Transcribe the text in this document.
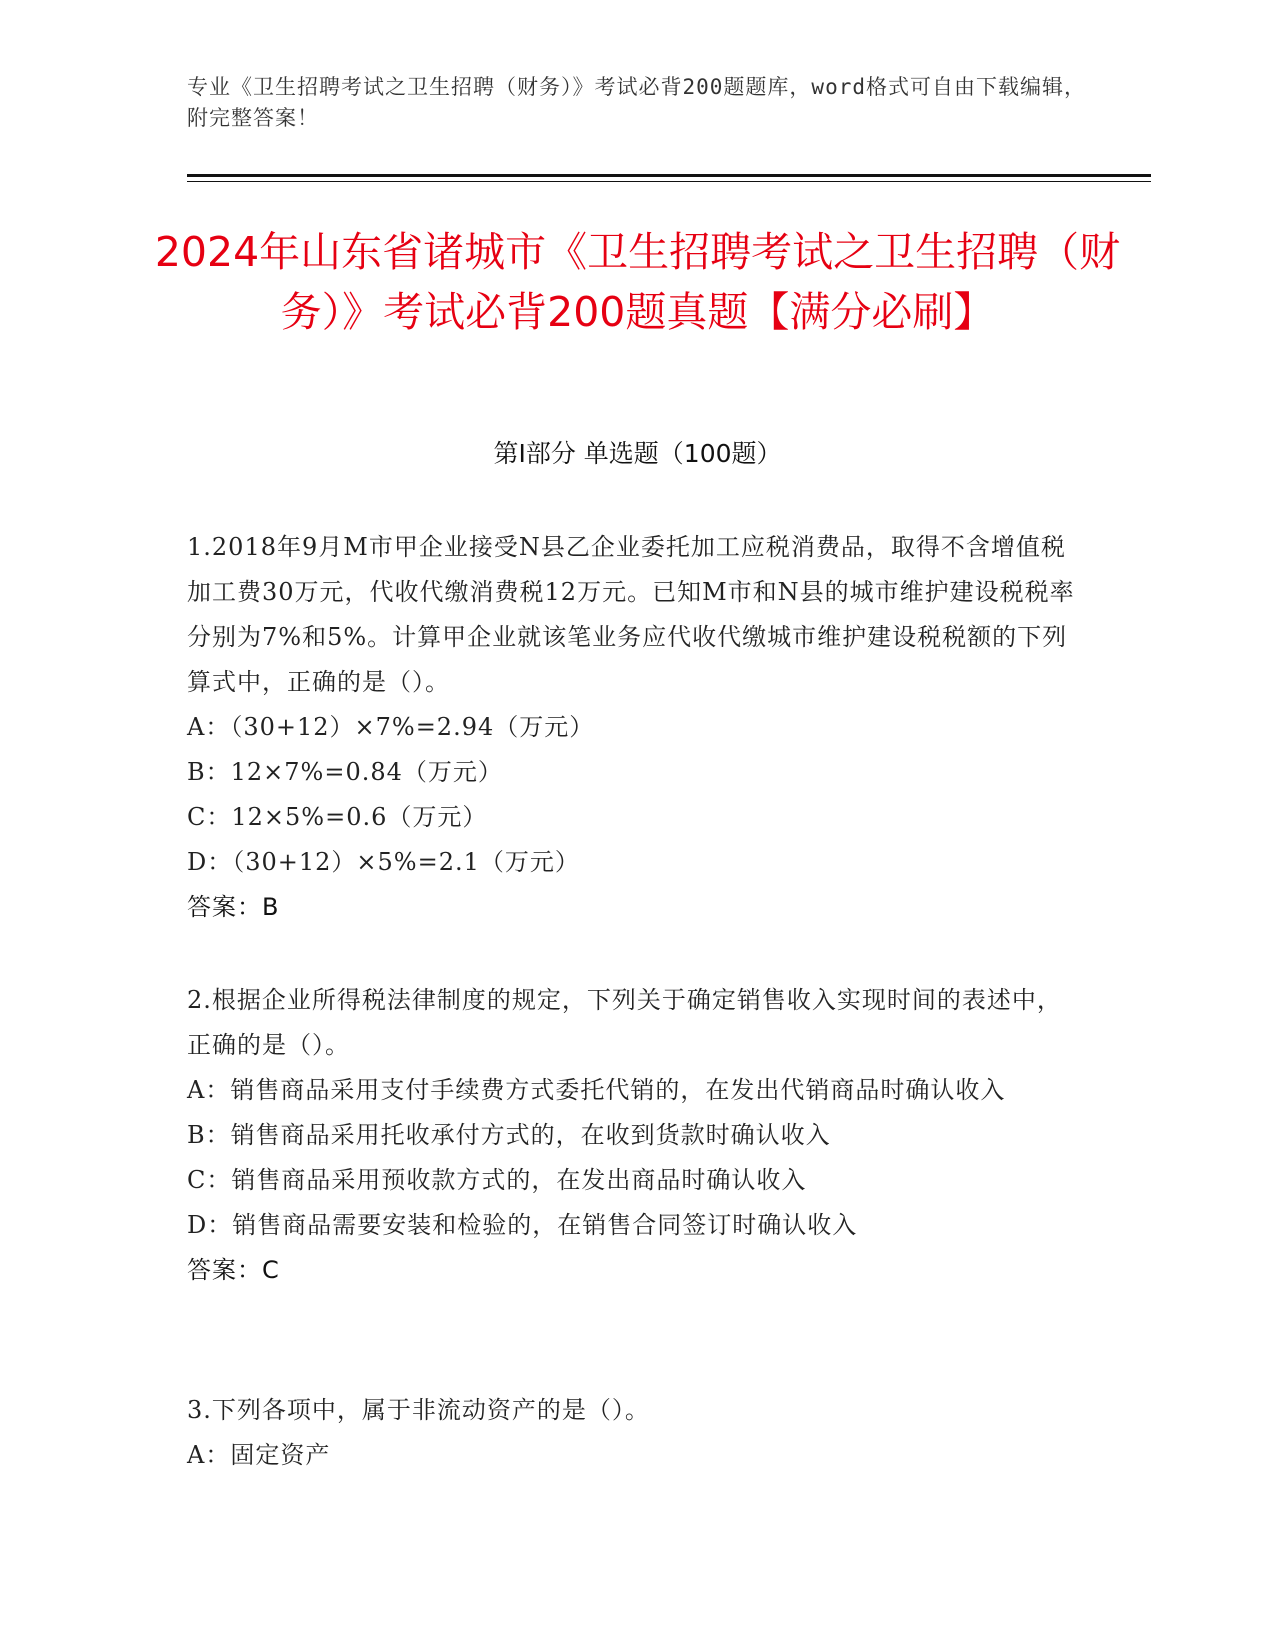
专业《卫生招聘考试之卫生招聘（财务）》考试必背200题题库，word格式可自由下载编辑，附完整答案！
2024年山东省诸城市《卫生招聘考试之卫生招聘（财务）》考试必背200题真题【满分必刷】
第I部分 单选题（100题）

1.2018年9月M市甲企业接受N县乙企业委托加工应税消费品，取得不含增值税加工费30万元，代收代缴消费税12万元。已知M市和N县的城市维护建设税税率分别为7%和5%。计算甲企业就该笔业务应代收代缴城市维护建设税税额的下列算式中，正确的是（）。

A：（30+12）×7%=2.94（万元）

B：12×7%=0.84（万元）

C：12×5%=0.6（万元）

D：（30+12）×5%=2.1（万元）

答案：B

2.根据企业所得税法律制度的规定，下列关于确定销售收入实现时间的表述中，正确的是（）。

A：销售商品采用支付手续费方式委托代销的，在发出代销商品时确认收入

B：销售商品采用托收承付方式的，在收到货款时确认收入

C：销售商品采用预收款方式的，在发出商品时确认收入

D：销售商品需要安装和检验的，在销售合同签订时确认收入

答案：C

3.下列各项中，属于非流动资产的是（）。

A：固定资产
